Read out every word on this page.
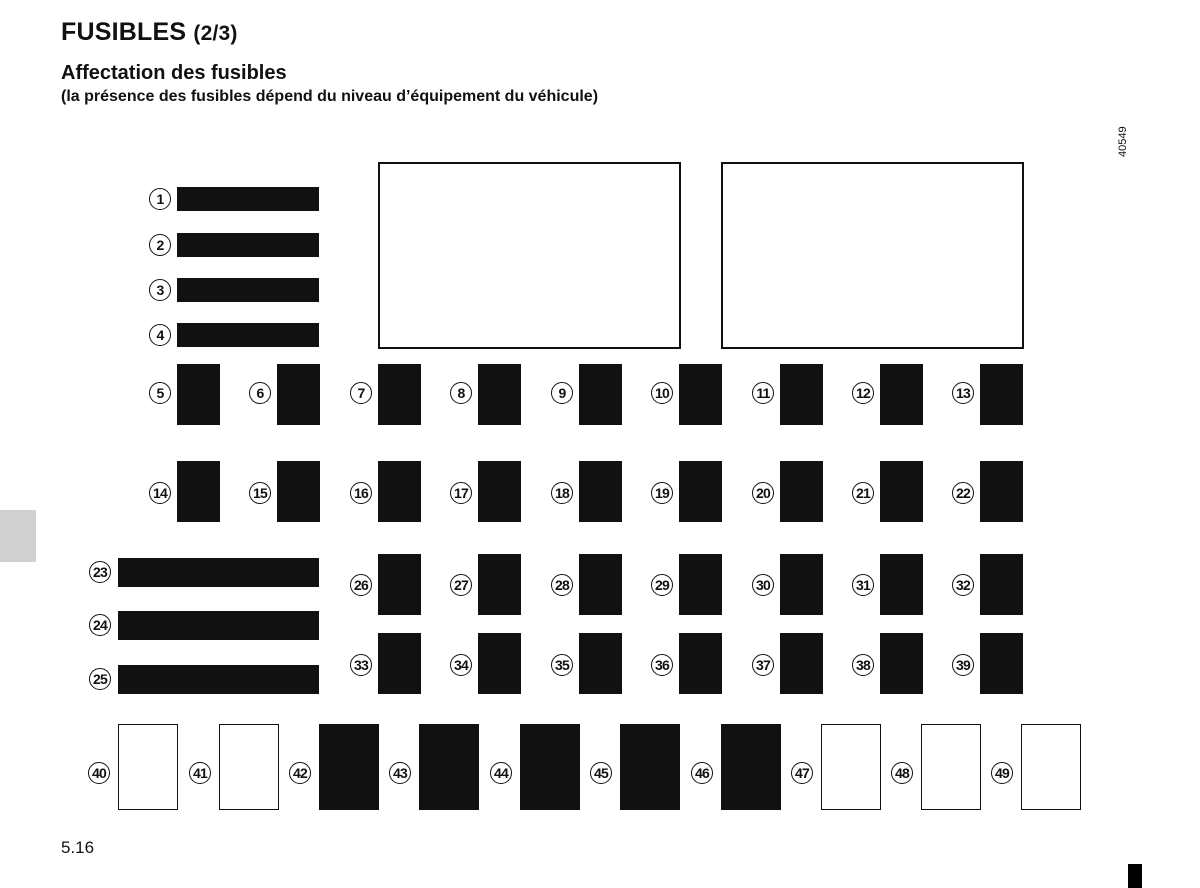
FUSIBLES (2/3)
Affectation des fusibles
(la présence des fusibles dépend du niveau d’équipement du véhicule)
40549
1
2
3
4
5	6	7	8	9	10	11	12	13
14	15	16	17	18	19	20	21	22
23
24
25
26	27	28	29	30	31	32
33	34	35	36	37	38	39
40	41	42	43	44	45	46	47	48	49
5.16
